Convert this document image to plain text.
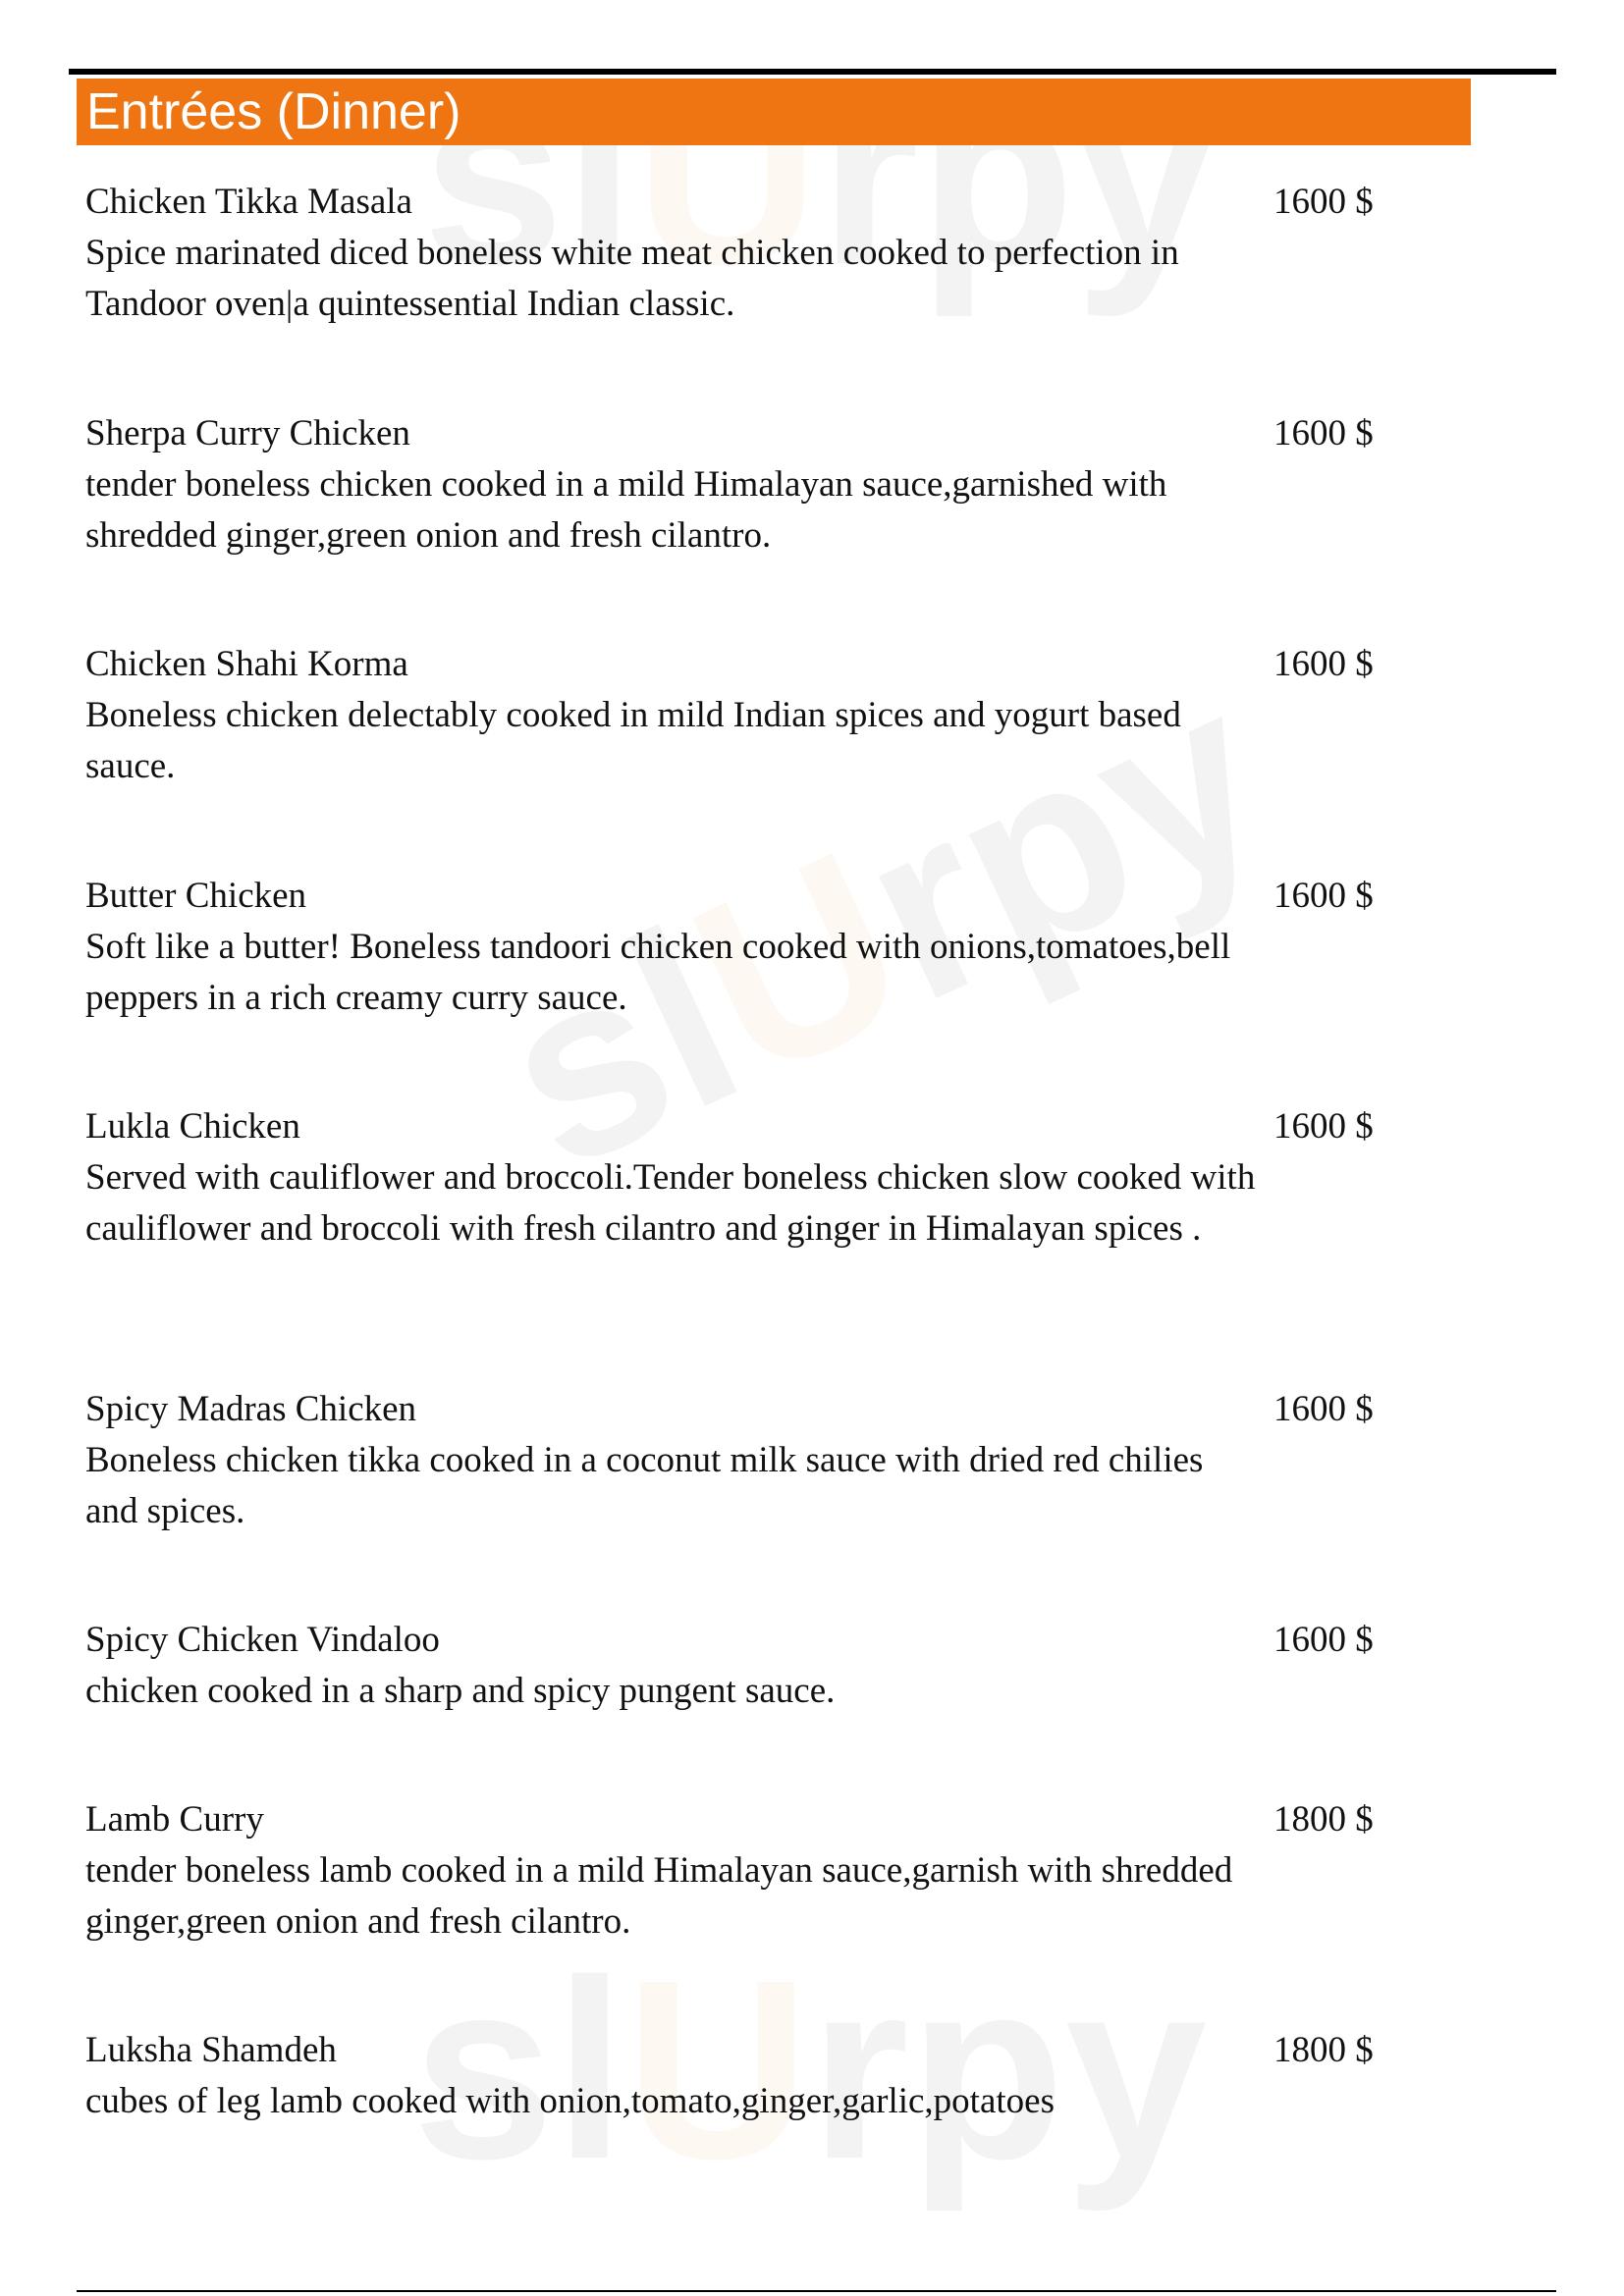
Entrées (Dinner)
Chicken Tikka Masala
Spice marinated diced boneless white meat chicken cooked to perfection in Tandoor oven|a quintessential Indian classic.
1600 $
Sherpa Curry Chicken
tender boneless chicken cooked in a mild Himalayan sauce,garnished with shredded ginger,green onion and fresh cilantro.
1600 $
Chicken Shahi Korma
Boneless chicken delectably cooked in mild Indian spices and yogurt based sauce.
1600 $
Butter Chicken
Soft like a butter! Boneless tandoori chicken cooked with onions,tomatoes,bell peppers in a rich creamy curry sauce.
1600 $
Lukla Chicken
Served with cauliflower and broccoli.Tender boneless chicken slow cooked with cauliflower and broccoli with fresh cilantro and ginger in Himalayan spices .
1600 $
Spicy Madras Chicken
Boneless chicken tikka cooked in a coconut milk sauce with dried red chilies and spices.
1600 $
Spicy Chicken Vindaloo
chicken cooked in a sharp and spicy pungent sauce.
1600 $
Lamb Curry
tender boneless lamb cooked in a mild Himalayan sauce,garnish with shredded ginger,green onion and fresh cilantro.
1800 $
Luksha Shamdeh
cubes of leg lamb cooked with onion,tomato,ginger,garlic,potatoes
1800 $
